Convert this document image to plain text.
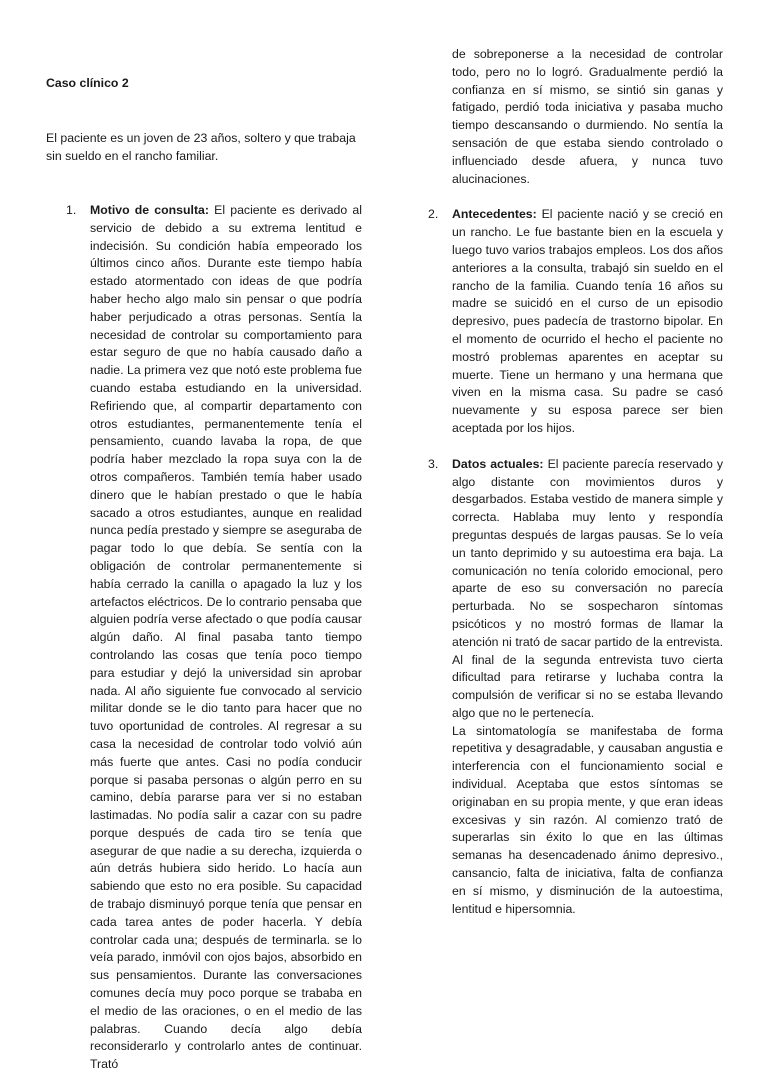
Caso clínico 2

El paciente es un joven de 23 años, soltero y que trabaja sin sueldo en el rancho familiar.

1. Motivo de consulta: El paciente es derivado al servicio de debido a su extrema lentitud e indecisión. Su condición había empeorado los últimos cinco años. Durante este tiempo había estado atormentado con ideas de que podría haber hecho algo malo sin pensar o que podría haber perjudicado a otras personas. Sentía la necesidad de controlar su comportamiento para estar seguro de que no había causado daño a nadie. La primera vez que notó este problema fue cuando estaba estudiando en la universidad. Refiriendo que, al compartir departamento con otros estudiantes, permanentemente tenía el pensamiento, cuando lavaba la ropa, de que podría haber mezclado la ropa suya con la de otros compañeros. También temía haber usado dinero que le habían prestado o que le había sacado a otros estudiantes, aunque en realidad nunca pedía prestado y siempre se aseguraba de pagar todo lo que debía. Se sentía con la obligación de controlar permanentemente si había cerrado la canilla o apagado la luz y los artefactos eléctricos. De lo contrario pensaba que alguien podría verse afectado o que podía causar algún daño. Al final pasaba tanto tiempo controlando las cosas que tenía poco tiempo para estudiar y dejó la universidad sin aprobar nada. Al año siguiente fue convocado al servicio militar donde se le dio tanto para hacer que no tuvo oportunidad de controles. Al regresar a su casa la necesidad de controlar todo volvió aún más fuerte que antes. Casi no podía conducir porque si pasaba personas o algún perro en su camino, debía pararse para ver si no estaban lastimadas. No podía salir a cazar con su padre porque después de cada tiro se tenía que asegurar de que nadie a su derecha, izquierda o aún detrás hubiera sido herido. Lo hacía aun sabiendo que esto no era posible. Su capacidad de trabajo disminuyó porque tenía que pensar en cada tarea antes de poder hacerla. Y debía controlar cada una; después de terminarla. se lo veía parado, inmóvil con ojos bajos, absorbido en sus pensamientos. Durante las conversaciones comunes decía muy poco porque se trababa en el medio de las oraciones, o en el medio de las palabras. Cuando decía algo debía reconsiderarlo y controlarlo antes de continuar. Trató

de sobreponerse a la necesidad de controlar todo, pero no lo logró. Gradualmente perdió la confianza en sí mismo, se sintió sin ganas y fatigado, perdió toda iniciativa y pasaba mucho tiempo descansando o durmiendo. No sentía la sensación de que estaba siendo controlado o influenciado desde afuera, y nunca tuvo alucinaciones.

2. Antecedentes: El paciente nació y se creció en un rancho. Le fue bastante bien en la escuela y luego tuvo varios trabajos empleos. Los dos años anteriores a la consulta, trabajó sin sueldo en el rancho de la familia. Cuando tenía 16 años su madre se suicidó en el curso de un episodio depresivo, pues padecía de trastorno bipolar. En el momento de ocurrido el hecho el paciente no mostró problemas aparentes en aceptar su muerte. Tiene un hermano y una hermana que viven en la misma casa. Su padre se casó nuevamente y su esposa parece ser bien aceptada por los hijos.

3. Datos actuales: El paciente parecía reservado y algo distante con movimientos duros y desgarbados. Estaba vestido de manera simple y correcta. Hablaba muy lento y respondía preguntas después de largas pausas. Se lo veía un tanto deprimido y su autoestima era baja. La comunicación no tenía colorido emocional, pero aparte de eso su conversación no parecía perturbada. No se sospecharon síntomas psicóticos y no mostró formas de llamar la atención ni trató de sacar partido de la entrevista. Al final de la segunda entrevista tuvo cierta dificultad para retirarse y luchaba contra la compulsión de verificar si no se estaba llevando algo que no le pertenecía.

La sintomatología se manifestaba de forma repetitiva y desagradable, y causaban angustia e interferencia con el funcionamiento social e individual. Aceptaba que estos síntomas se originaban en su propia mente, y que eran ideas excesivas y sin razón. Al comienzo trató de superarlas sin éxito lo que en las últimas semanas ha desencadenado ánimo depresivo., cansancio, falta de iniciativa, falta de confianza en sí mismo, y disminución de la autoestima, lentitud e hipersomnia.
